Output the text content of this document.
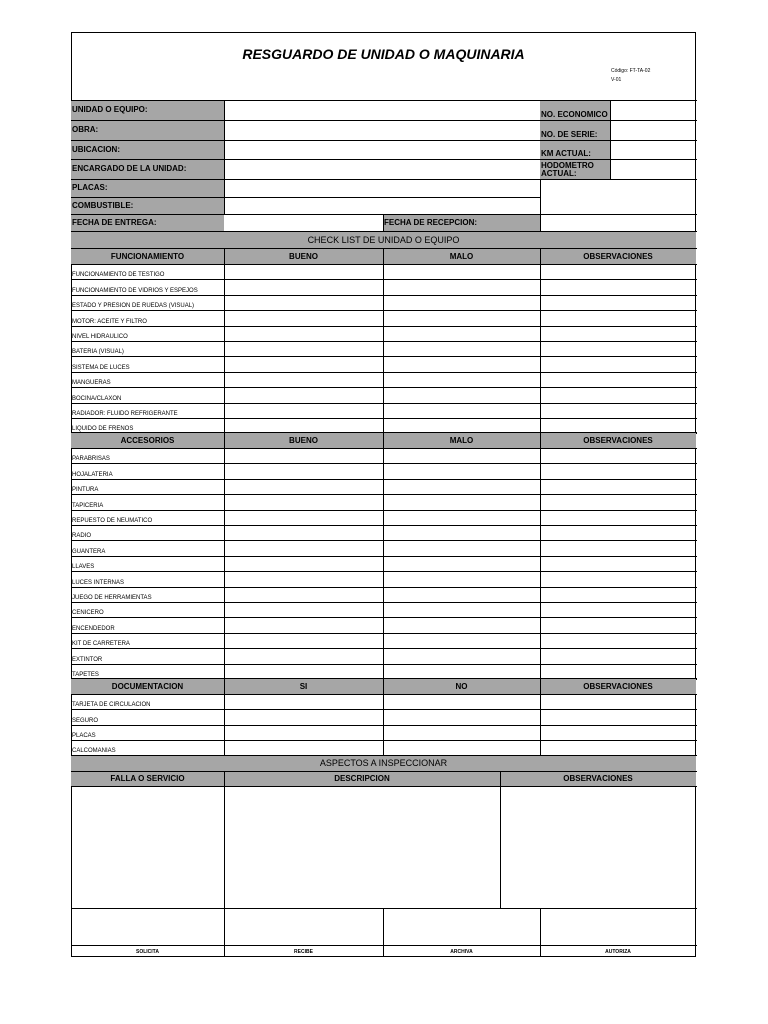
RESGUARDO DE UNIDAD O MAQUINARIA
Código: FT-TA-02
V-01
UNIDAD O EQUIPO:
OBRA:
UBICACION:
ENCARGADO DE LA UNIDAD:
PLACAS:
COMBUSTIBLE:
NO. ECONOMICO
NO. DE SERIE:
KM ACTUAL:
HODOMETRO ACTUAL:
FECHA DE ENTREGA:	FECHA DE RECEPCION:
CHECK LIST DE UNIDAD O EQUIPO
FUNCIONAMIENTO	BUENO	MALO	OBSERVACIONES
FUNCIONAMIENTO DE TESTIGO
FUNCIONAMIENTO DE VIDRIOS Y ESPEJOS
ESTADO Y PRESION DE RUEDAS (VISUAL)
MOTOR: ACEITE Y FILTRO
NIVEL HIDRAULICO
BATERIA (VISUAL)
SISTEMA DE LUCES
MANGUERAS
BOCINA/CLAXON
RADIADOR: FLUIDO REFRIGERANTE
LIQUIDO DE FRENOS
ACCESORIOS	BUENO	MALO	OBSERVACIONES
PARABRISAS
HOJALATERIA
PINTURA
TAPICERIA
REPUESTO DE NEUMATICO
RADIO
GUANTERA
LLAVES
LUCES INTERNAS
JUEGO DE HERRAMIENTAS
CENICERO
ENCENDEDOR
KIT DE CARRETERA
EXTINTOR
TAPETES
DOCUMENTACION	SI	NO	OBSERVACIONES
TARJETA DE CIRCULACION
SEGURO
PLACAS
CALCOMANIAS
ASPECTOS A INSPECCIONAR
FALLA O SERVICIO	DESCRIPCION	OBSERVACIONES
SOLICITA	RECIBE	ARCHIVA	AUTORIZA
